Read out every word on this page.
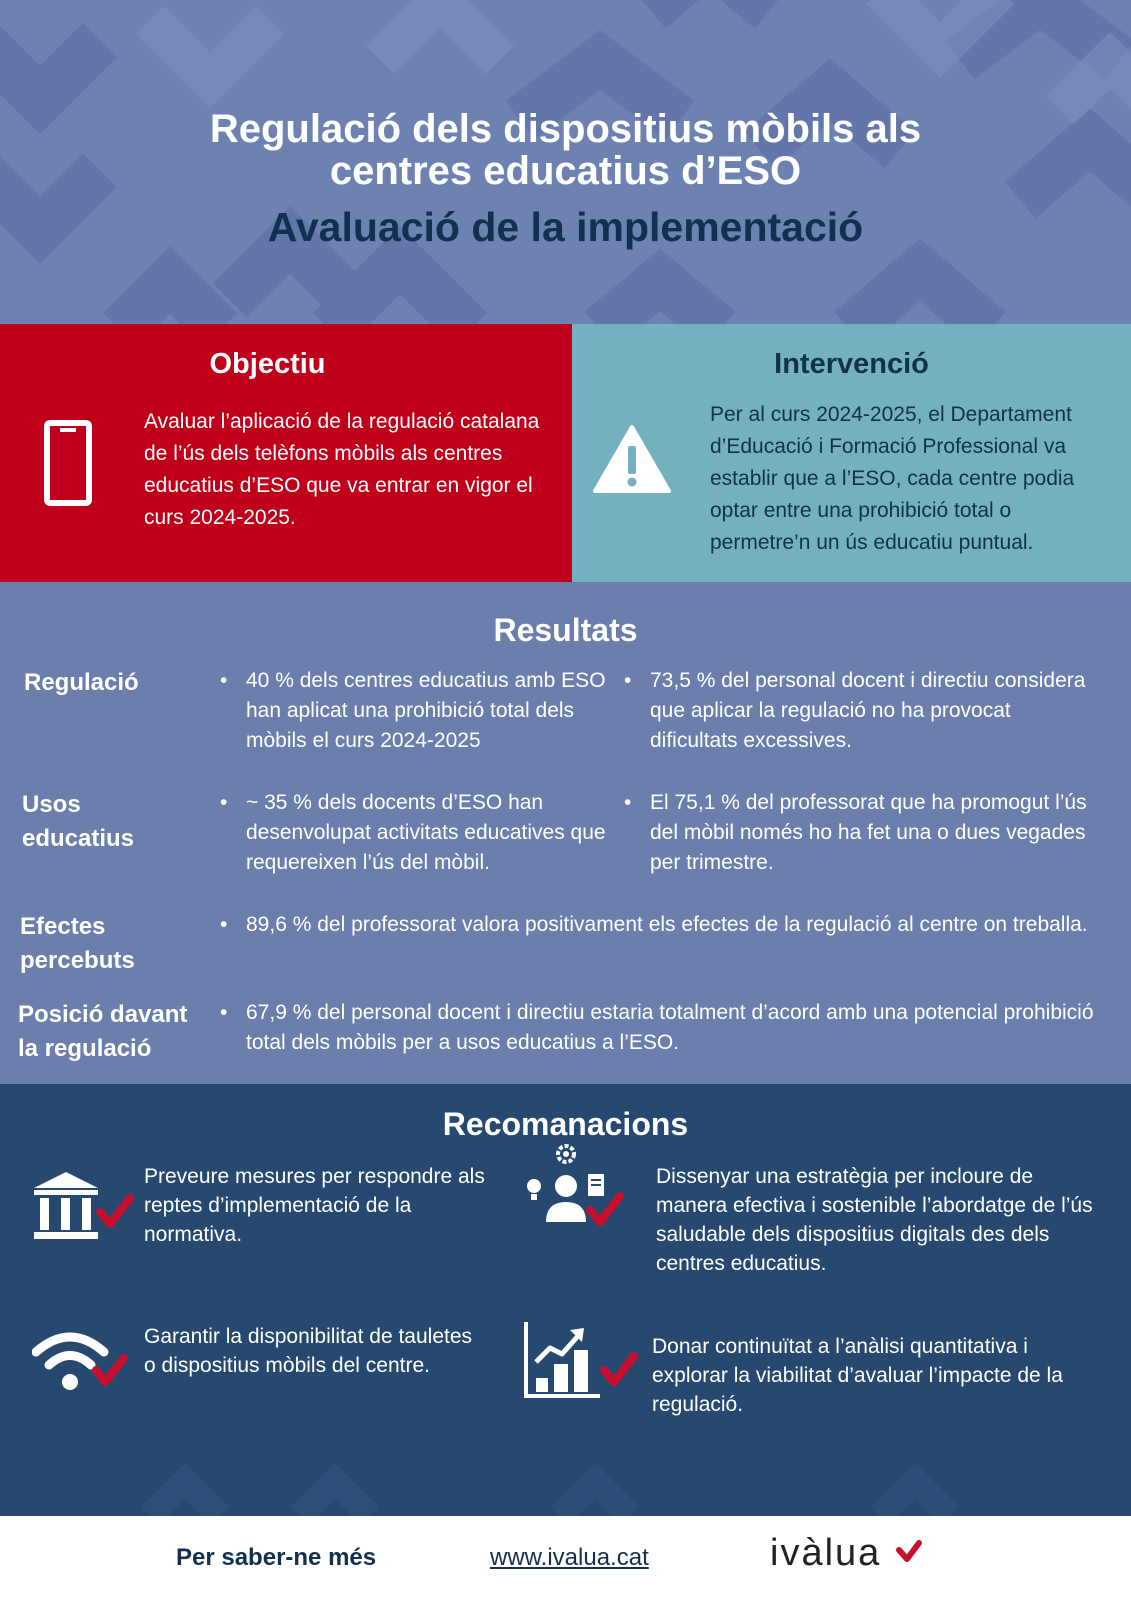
Regulació dels dispositius mòbils als
centres educatius d’ESO
Avaluació de la implementació
Objectiu
Avaluar l’aplicació de la regulació catalana de l’ús dels telèfons mòbils als centres educatius d’ESO que va entrar en vigor el curs 2024-2025.
Intervenció
Per al curs 2024-2025, el Departament d’Educació i Formació Professional va establir que a l’ESO, cada centre podia optar entre una prohibició total o permetre’n un ús educatiu puntual.
Resultats
Regulació
•	40 % dels centres educatius amb ESO han aplicat una prohibició total dels mòbils el curs 2024-2025
• 73,5 % del personal docent i directiu considera que aplicar la regulació no ha provocat dificultats excessives.
Usos
educatius
• ~ 35 % dels docents d’ESO han desenvolupat activitats educatives que requereixen l’ús del mòbil.
• El 75,1 % del professorat que ha promogut l’ús del mòbil només ho ha fet una o dues vegades per trimestre.
Efectes
percebuts
• 89,6 % del professorat valora positivament els efectes de la regulació al centre on treballa.
Posició davant
la regulació
• 67,9 % del personal docent i directiu estaria totalment d’acord amb una potencial prohibició total dels mòbils per a usos educatius a l’ESO.
Recomanacions
Preveure mesures per respondre als reptes d’implementació de la normativa.
Dissenyar una estratègia per incloure de manera efectiva i sostenible l’abordatge de l’ús saludable dels dispositius digitals des dels centres educatius.
Garantir la disponibilitat de tauletes o dispositius mòbils del centre.
Donar continuïtat a l’anàlisi quantitativa i explorar la viabilitat d’avaluar l’impacte de la regulació.
Per saber-ne més	www.ivalua.cat	ivàlua
